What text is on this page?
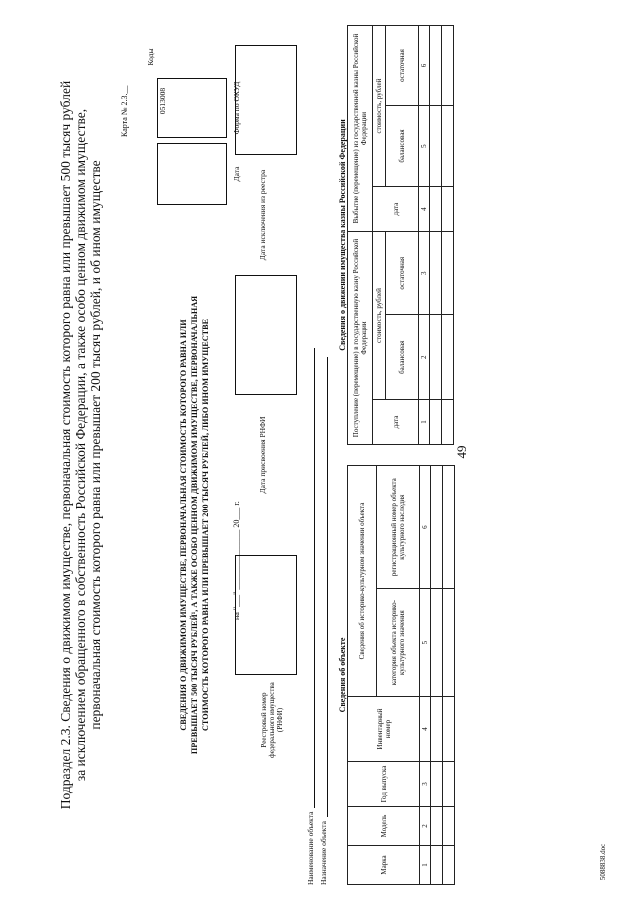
49
5088838.doc
Подраздел 2.3. Сведения о движимом имуществе, первоначальная стоимость которого равна или превышает 500 тысяч рублей за исключением обращенного в собственность Российской Федерации, а также особо ценном движимом имуществе, первоначальная стоимость которого равна или превышает 200 тысяч рублей, и об ином имуществе
Карта № 2.3.__
Коды
0513008	Форма по ОКУД
Дата
СВЕДЕНИЯ О ДВИЖИМОМ ИМУЩЕСТВЕ, ПЕРВОНАЧАЛЬНАЯ СТОИМОСТЬ КОТОРОГО РАВНА ИЛИ ПРЕВЫШАЕТ 500 ТЫСЯЧ РУБЛЕЙ¹, А ТАКЖЕ ОСОБО ЦЕННОМ ДВИЖИМОМ ИМУЩЕСТВЕ, ПЕРВОНАЧАЛЬНАЯ СТОИМОСТЬ КОТОРОГО РАВНА ИЛИ ПРЕВЫШАЕТ 200 ТЫСЯЧ РУБЛЕЙ, ЛИБО ИНОМ ИМУЩЕСТВЕ	на "___" _______________ 20___ г.
Реестровый номер федерального имущества (РНФИ)
Дата присвоения РНФИ
Дата исключения из реестра
Наименование объекта Назначение объекта
Сведения об объекте
Сведения о движении имущества казны Российской Федерации
Марка	Модель	Год выпуска	Инвентарный номер	Сведения об историко-культурном значении объекта	
				категория объекта историко-культурного значения	регистрационный номер объекта культурного наследия
1	2	3	4	5	6

Поступление (перемещение) в государственную казну Российской Федерации			Выбытие (перемещение) из государственной казны Российской Федерации		
дата	стоимость, рублей		дата	стоимость, рублей	
	балансовая	остаточная		балансовая	остаточная
1	2	3	4	5	6
